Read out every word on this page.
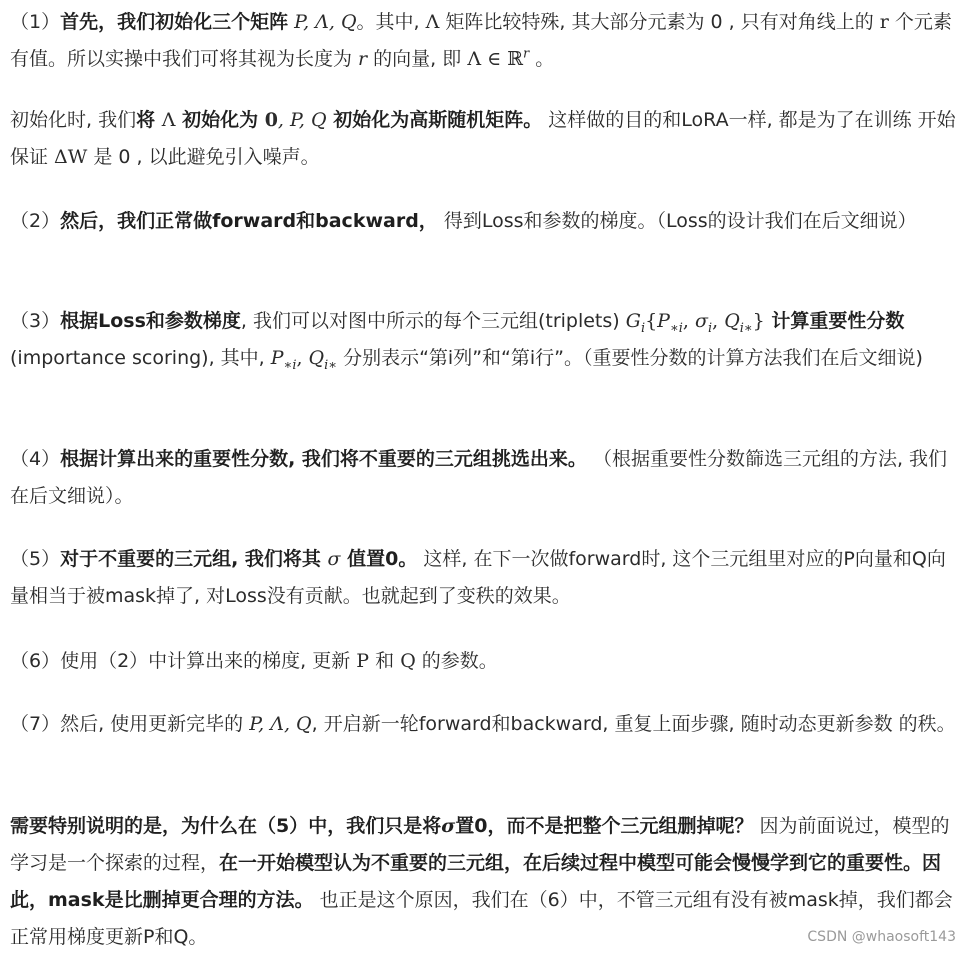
（1）首先，我们初始化三个矩阵 P, Λ, Q。其中, Λ 矩阵比较特殊, 其大部分元素为 0 , 只有对角线上的 r 个元素有值。所以实操中我们可将其视为长度为 r 的向量, 即 Λ ∈ ℝ$^r$ 。
初始化时, 我们将 Λ 初始化为 0, P, Q 初始化为高斯随机矩阵。 这样做的目的和LoRA一样, 都是为了在训练 开始保证 ΔW 是 0 , 以此避免引入噪声。
（2）然后，我们正常做forward和backward， 得到Loss和参数的梯度。（Loss的设计我们在后文细说）
（3）根据Loss和参数梯度, 我们可以对图中所示的每个三元组(triplets) $G_i\{P_{∗i}$, $\sigma_i$, $Q_{i∗}$} 计算重要性分数 (importance scoring), 其中, $P_{∗i}$, $Q_{i∗}$ 分别表示“第i列”和“第i行”。（重要性分数的计算方法我们在后文细说)
（4）根据计算出来的重要性分数, 我们将不重要的三元组挑选出来。 （根据重要性分数篩选三元组的方法, 我们在后文细说）。
（5）对于不重要的三元组, 我们将其 σ 值置0。 这样, 在下一次做forward时, 这个三元组里对应的P向量和Q向量相当于被mask掉了, 对Loss没有贡献。也就起到了变秩的效果。
（6）使用（2）中计算出来的梯度, 更新 P 和 Q 的参数。
（7）然后, 使用更新完毕的 P, Λ, Q, 开启新一轮forward和backward, 重复上面步骤, 随时动态更新参数 的秩。
需要特别说明的是，为什么在（5）中，我们只是将σ置0，而不是把整个三元组删掉呢？ 因为前面说过，模型的学习是一个探索的过程，在一开始模型认为不重要的三元组，在后续过程中模型可能会慢慢学到它的重要性。因此，mask是比删掉更合理的方法。 也正是这个原因，我们在（6）中，不管三元组有没有被mask掉，我们都会正常用梯度更新P和Q。	CSDN @whaosoft143
